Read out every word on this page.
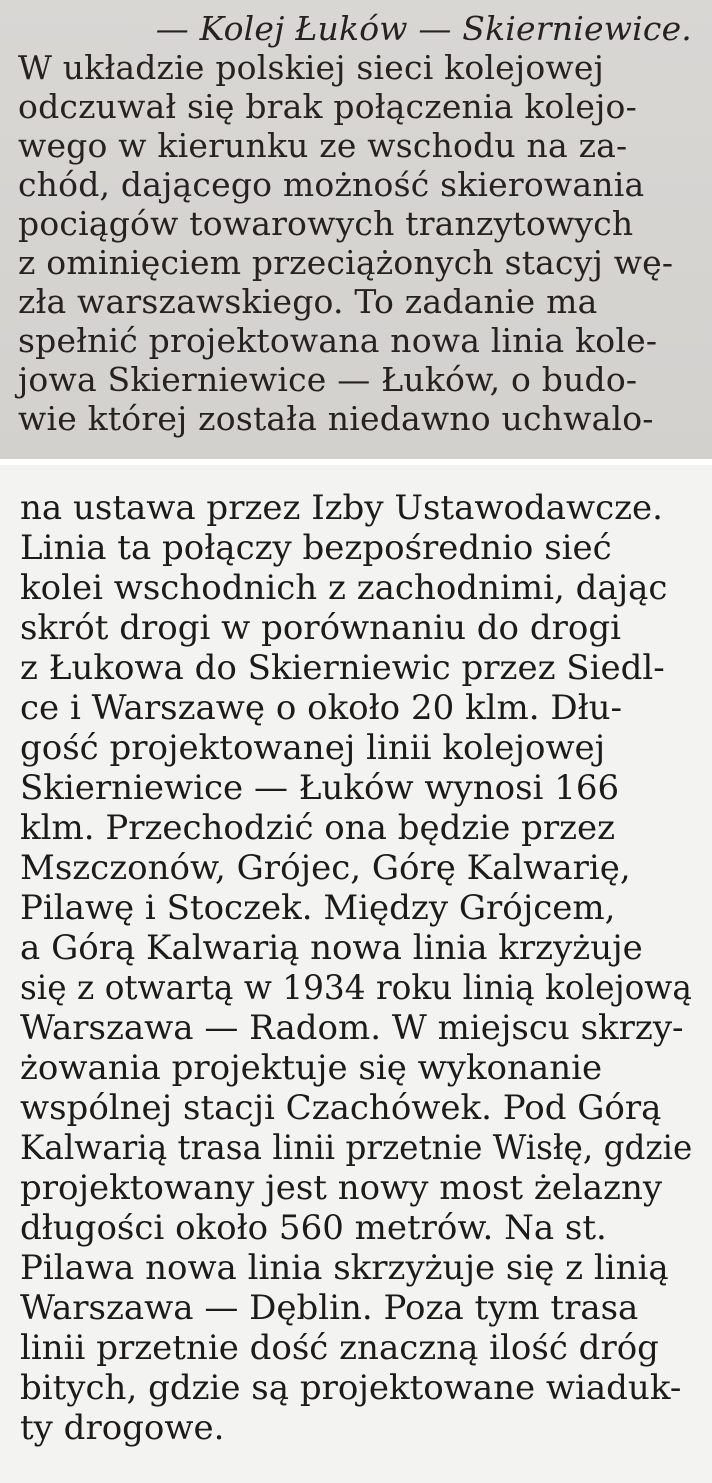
— Kolej Łuków — Skierniewice.
W układzie polskiej sieci kolejowej
odczuwał się brak połączenia kolejo-
wego w kierunku ze wschodu na za-
chód, dającego możność skierowania
pociągów towarowych tranzytowych
z ominięciem przeciążonych stacyj wę-
zła warszawskiego. To zadanie ma
spełnić projektowana nowa linia kole-
jowa Skierniewice — Łuków, o budo-
wie której została niedawno uchwalo-
na ustawa przez Izby Ustawodawcze.
Linia ta połączy bezpośrednio sieć
kolei wschodnich z zachodnimi, dając
skrót drogi w porównaniu do drogi
z Łukowa do Skierniewic przez Siedl-
ce i Warszawę o około 20 klm. Dłu-
gość projektowanej linii kolejowej
Skierniewice — Łuków wynosi 166
klm. Przechodzić ona będzie przez
Mszczonów, Grójec, Górę Kalwarię,
Pilawę i Stoczek. Między Grójcem,
a Górą Kalwarią nowa linia krzyżuje
się z otwartą w 1934 roku linią kolejową
Warszawa — Radom. W miejscu skrzy-
żowania projektuje się wykonanie
wspólnej stacji Czachówek. Pod Górą
Kalwarią trasa linii przetnie Wisłę, gdzie
projektowany jest nowy most żelazny
długości około 560 metrów. Na st.
Pilawa nowa linia skrzyżuje się z linią
Warszawa — Dęblin. Poza tym trasa
linii przetnie dość znaczną ilość dróg
bitych, gdzie są projektowane wiaduk-
ty drogowe.
